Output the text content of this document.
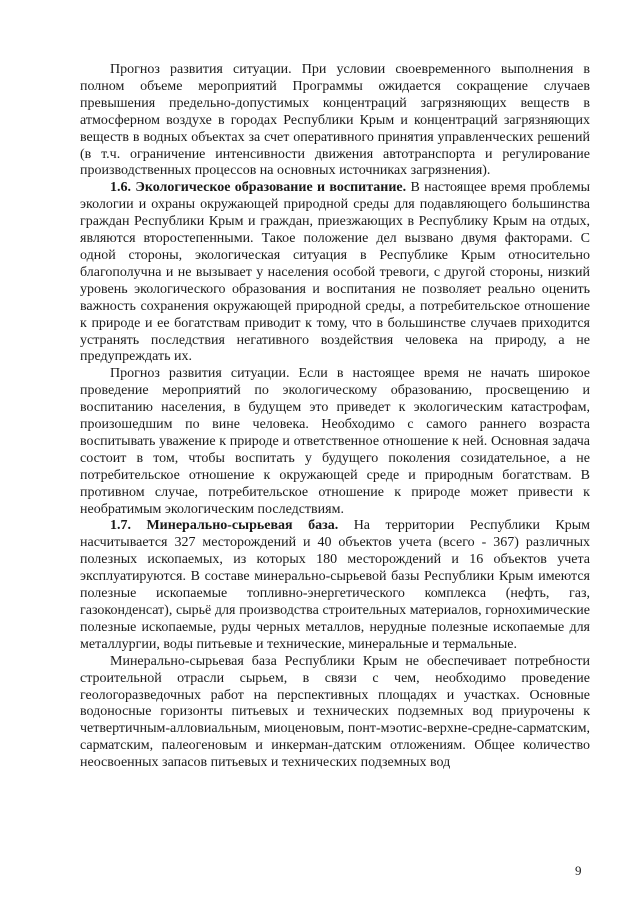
Прогноз развития ситуации. При условии своевременного выполнения в полном объеме мероприятий Программы ожидается сокращение случаев превышения предельно-допустимых концентраций загрязняющих веществ в атмосферном воздухе в городах Республики Крым и концентраций загрязняющих веществ в водных объектах за счет оперативного принятия управленческих решений (в т.ч. ограничение интенсивности движения автотранспорта и регулирование производственных процессов на основных источниках загрязнения).

1.6. Экологическое образование и воспитание. В настоящее время проблемы экологии и охраны окружающей природной среды для подавляющего большинства граждан Республики Крым и граждан, приезжающих в Республику Крым на отдых, являются второстепенными. Такое положение дел вызвано двумя факторами. С одной стороны, экологическая ситуация в Республике Крым относительно благополучна и не вызывает у населения особой тревоги, с другой стороны, низкий уровень экологического образования и воспитания не позволяет реально оценить важность сохранения окружающей природной среды, а потребительское отношение к природе и ее богатствам приводит к тому, что в большинстве случаев приходится устранять последствия негативного воздействия человека на природу, а не предупреждать их.

Прогноз развития ситуации. Если в настоящее время не начать широкое проведение мероприятий по экологическому образованию, просвещению и воспитанию населения, в будущем это приведет к экологическим катастрофам, произошедшим по вине человека. Необходимо с самого раннего возраста воспитывать уважение к природе и ответственное отношение к ней. Основная задача состоит в том, чтобы воспитать у будущего поколения созидательное, а не потребительское отношение к окружающей среде и природным богатствам. В противном случае, потребительское отношение к природе может привести к необратимым экологическим последствиям.

1.7. Минерально-сырьевая база. На территории Республики Крым насчитывается 327 месторождений и 40 объектов учета (всего - 367) различных полезных ископаемых, из которых 180 месторождений и 16 объектов учета эксплуатируются. В составе минерально-сырьевой базы Республики Крым имеются полезные ископаемые топливно-энергетического комплекса (нефть, газ, газоконденсат), сырьё для производства строительных материалов, горнохимические полезные ископаемые, руды черных металлов, нерудные полезные ископаемые для металлургии, воды питьевые и технические, минеральные и термальные.

Минерально-сырьевая база Республики Крым не обеспечивает потребности строительной отрасли сырьем, в связи с чем, необходимо проведение геологоразведочных работ на перспективных площадях и участках. Основные водоносные горизонты питьевых и технических подземных вод приурочены к четвертичным-алловиальным, миоценовым, понт-мэотис-верхне-средне-сарматским, сарматским, палеогеновым и инкерман-датским отложениям. Общее количество неосвоенных запасов питьевых и технических подземных вод

9
